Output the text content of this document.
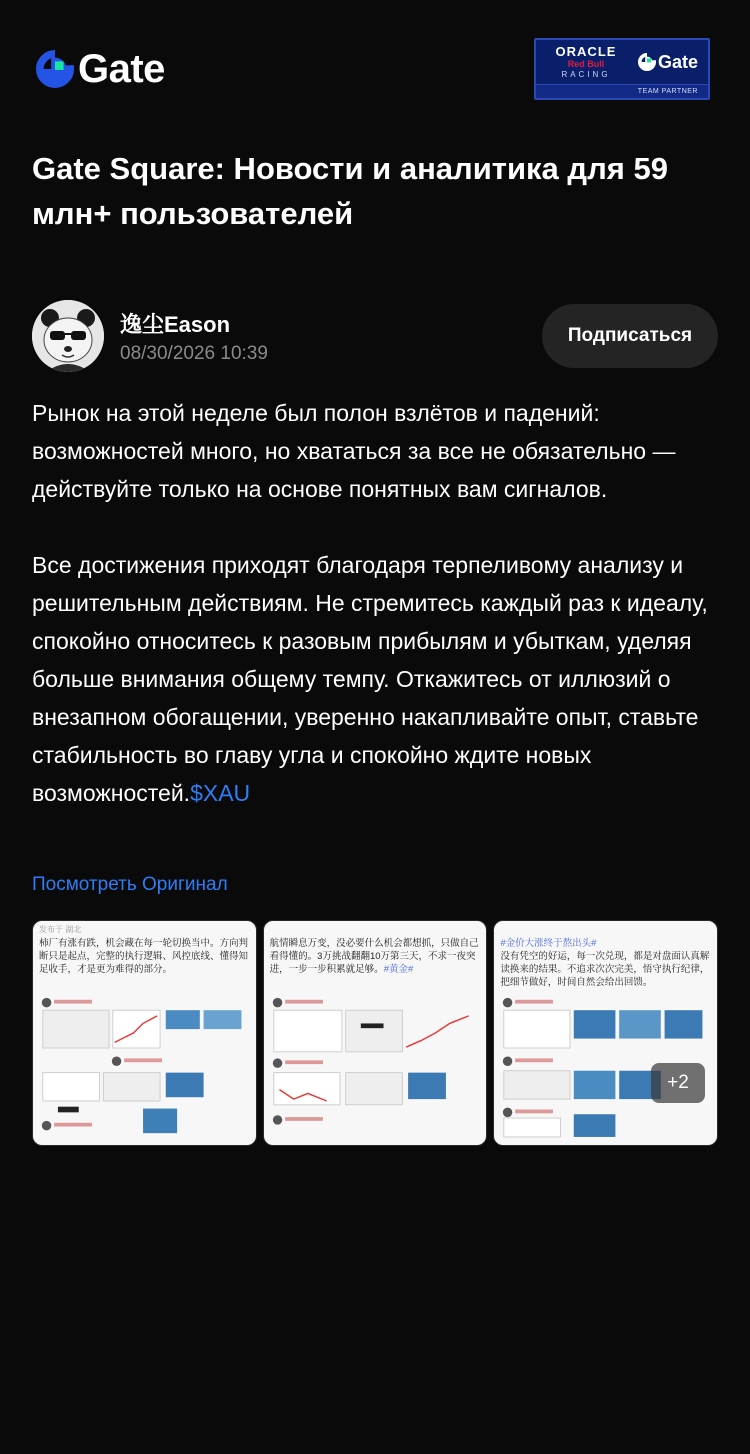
Gate	ORACLE
Red Bull
RACING
Gate
TEAM PARTNER
Gate Square: Новости и аналитика для 59 млн+ пользователей
逸尘Eason
08/30/2026 10:39
Подписаться

Рынок на этой неделе был полон взлётов и падений: возможностей много, но хвататься за все не обязательно — действуйте только на основе понятных вам сигналов.

Все достижения приходят благодаря терпеливому анализу и решительным действиям. Не стремитесь каждый раз к идеалу, спокойно относитесь к разовым прибылям и убыткам, уделяя больше внимания общему темпу. Откажитесь от иллюзий о внезапном обогащении, уверенно накапливайте опыт, ставьте стабильность во главу угла и спокойно ждите новых возможностей.$XAU

Посмотреть Оригинал
发布于 湖北
柿厂有涨有跌，机会藏在每一轮切换当中。方向判断只是起点，完整的执行逻辑、风控底线、懂得知足收手，才是更为难得的部分。
航情瞬息万变，没必要什么机会都想抓，只做自己看得懂的。3万挑战翻翻10万第三天，不求一夜突进，一步一步积累就足够。#黄金#
#金价大涨终于熬出头#
没有凭空的好运，每一次兑现，都是对盘面认真解读换来的结果。不追求次次完美，悟守执行纪律，把细节做好，时间自然会给出回馈。
+2
